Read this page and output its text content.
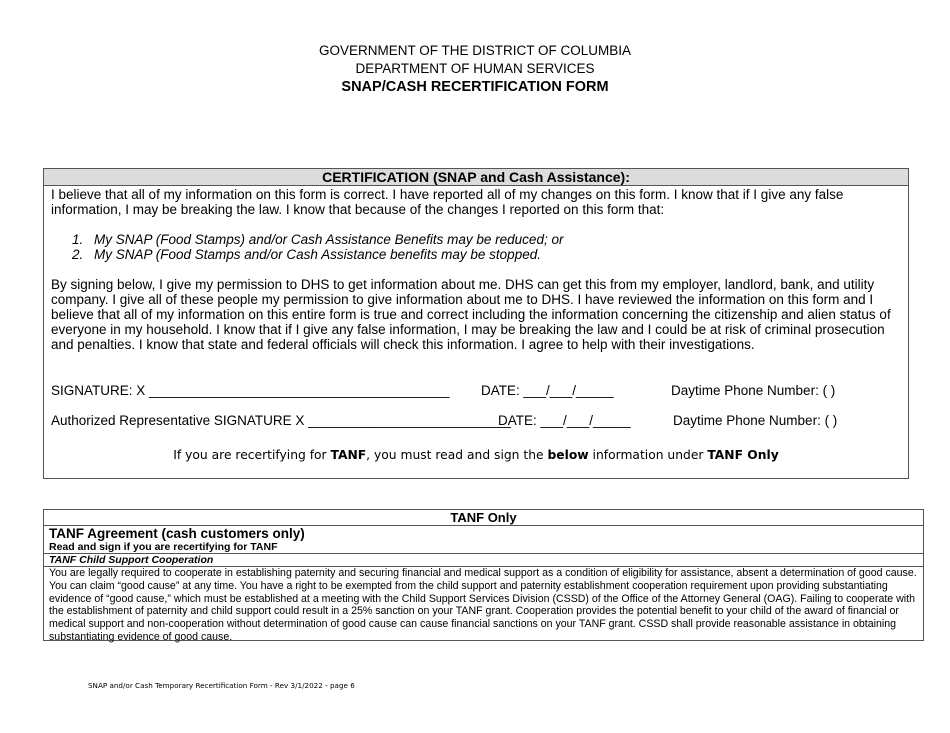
GOVERNMENT OF THE DISTRICT OF COLUMBIA
DEPARTMENT OF HUMAN SERVICES
SNAP/CASH RECERTIFICATION FORM
CERTIFICATION (SNAP and Cash Assistance):

I believe that all of my information on this form is correct. I have reported all of my changes on this form. I know that if I give any false information, I may be breaking the law. I know that because of the changes I reported on this form that:

1. My SNAP (Food Stamps) and/or Cash Assistance Benefits may be reduced; or
2. My SNAP (Food Stamps and/or Cash Assistance benefits may be stopped.

By signing below, I give my permission to DHS to get information about me. DHS can get this from my employer, landlord, bank, and utility company. I give all of these people my permission to give information about me to DHS. I have reviewed the information on this form and I believe that all of my information on this entire form is true and correct including the information concerning the citizenship and alien status of everyone in my household. I know that if I give any false information, I may be breaking the law and I could be at risk of criminal prosecution and penalties. I know that state and federal officials will check this information. I agree to help with their investigations.

SIGNATURE: X ________________________________________ DATE: ___/___/_____	Daytime Phone Number: ( )
Authorized Representative SIGNATURE X ___________________________
DATE: ___/___/_____	Daytime Phone Number: ( )
If you are recertifying for TANF, you must read and sign the below information under TANF Only
TANF Only
TANF Agreement (cash customers only)
Read and sign if you are recertifying for TANF
TANF Child Support Cooperation
You are legally required to cooperate in establishing paternity and securing financial and medical support as a condition of eligibility for assistance, absent a determination of good cause. You can claim “good cause” at any time. You have a right to be exempted from the child support and paternity establishment cooperation requirement upon providing substantiating evidence of “good cause,” which must be established at a meeting with the Child Support Services Division (CSSD) of the Office of the Attorney General (OAG). Failing to cooperate with the establishment of paternity and child support could result in a 25% sanction on your TANF grant. Cooperation provides the potential benefit to your child of the award of financial or medical support and non-cooperation without determination of good cause can cause financial sanctions on your TANF grant. CSSD shall provide reasonable assistance in obtaining substantiating evidence of good cause.
SNAP and/or Cash Temporary Recertification Form - Rev 3/1/2022 - page 6
